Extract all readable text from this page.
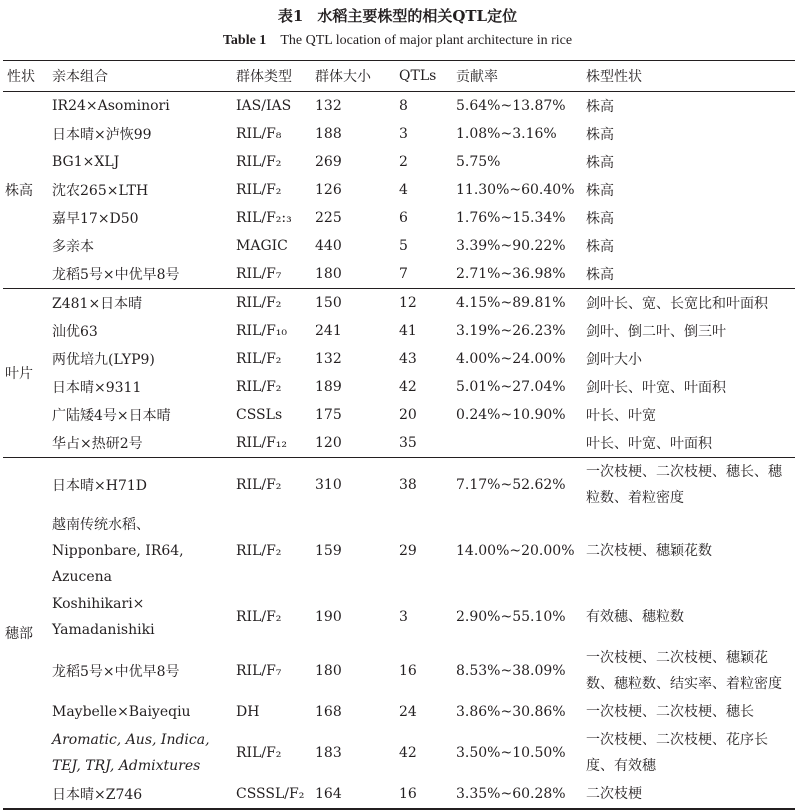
表1 水稻主要株型的相关QTL定位
Table 1 The QTL location of major plant architecture in rice
性状	亲本组合	群体类型	群体大小	QTLs	贡献率	株型性状
株高	IR24×Asominori	IAS/IAS	132	8	5.64%~13.87%	株高
	日本晴×泸恢99	RIL/F₈	188	3	1.08%~3.16%	株高
	BG1×XLJ	RIL/F₂	269	2	5.75%	株高
	沈农265×LTH	RIL/F₂	126	4	11.30%~60.40%	株高
	嘉早17×D50	RIL/F₂:₃	225	6	1.76%~15.34%	株高
	多亲本	MAGIC	440	5	3.39%~90.22%	株高
	龙稻5号×中优早8号	RIL/F₇	180	7	2.71%~36.98%	株高
叶片	Z481×日本晴	RIL/F₂	150	12	4.15%~89.81%	剑叶长、宽、长宽比和叶面积
	汕优63	RIL/F₁₀	241	41	3.19%~26.23%	剑叶、倒二叶、倒三叶
	两优培九(LYP9)	RIL/F₂	132	43	4.00%~24.00%	剑叶大小
	日本晴×9311	RIL/F₂	189	42	5.01%~27.04%	剑叶长、叶宽、叶面积
	广陆矮4号×日本晴	CSSLs	175	20	0.24%~10.90%	叶长、叶宽
	华占×热研2号	RIL/F₁₂	120	35		叶长、叶宽、叶面积
穗部	日本晴×H71D	RIL/F₂	310	38	7.17%~52.62%	一次枝梗、二次枝梗、穗长、穗粒数、着粒密度
	越南传统水稻、Nipponbare, IR64, Azucena	RIL/F₂	159	29	14.00%~20.00%	二次枝梗、穗颖花数
	Koshihikari× Yamadanishiki	RIL/F₂	190	3	2.90%~55.10%	有效穗、穗粒数
	龙稻5号×中优早8号	RIL/F₇	180	16	8.53%~38.09%	一次枝梗、二次枝梗、穗颖花数、穗粒数、结实率、着粒密度
	Maybelle×Baiyeqiu	DH	168	24	3.86%~30.86%	一次枝梗、二次枝梗、穗长
	Aromatic, Aus, Indica, TEJ, TRJ, Admixtures	RIL/F₂	183	42	3.50%~10.50%	一次枝梗、二次枝梗、花序长度、有效穗
	日本晴×Z746	CSSSL/F₂	164	16	3.35%~60.28%	二次枝梗
